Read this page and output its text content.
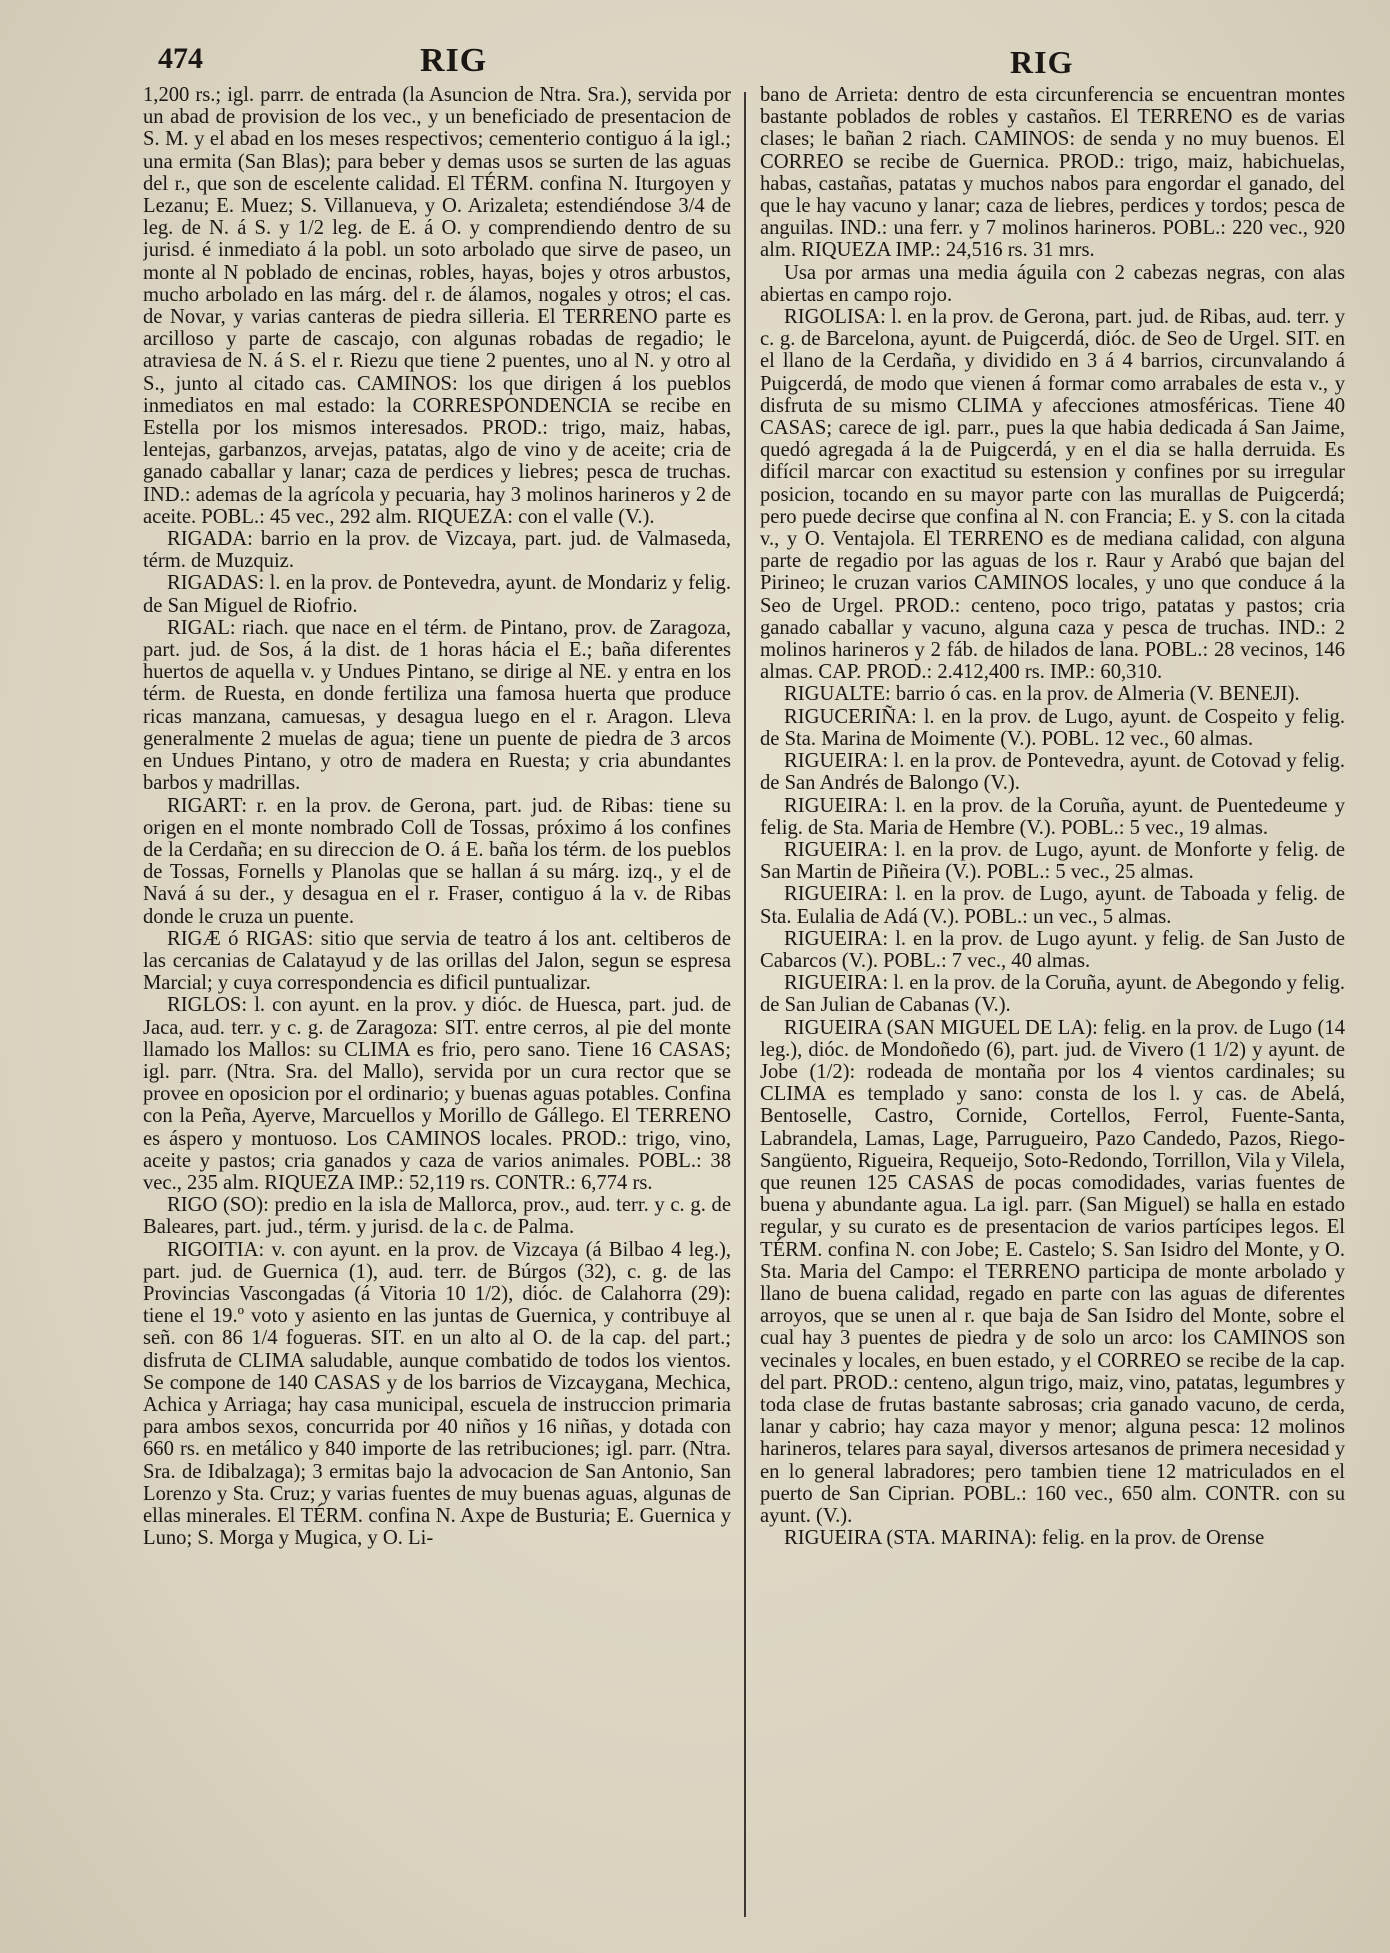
474	RIG	RIG

1,200 rs.; igl. parrr. de entrada (la Asuncion de Ntra. Sra.), servida por un abad de provision de los vec., y un beneficiado de presentacion de S. M. y el abad en los meses respectivos; cementerio contiguo á la igl.; una ermita (San Blas); para beber y demas usos se surten de las aguas del r., que son de escelente calidad. El TÉRM. confina N. Iturgoyen y Lezanu; E. Muez; S. Villanueva, y O. Arizaleta; estendiéndose 3/4 de leg. de N. á S. y 1/2 leg. de E. á O. y comprendiendo dentro de su jurisd. é inmediato á la pobl. un soto arbolado que sirve de paseo, un monte al N poblado de encinas, robles, hayas, bojes y otros arbustos, mucho arbolado en las márg. del r. de álamos, nogales y otros; el cas. de Novar, y varias canteras de piedra silleria. El TERRENO parte es arcilloso y parte de cascajo, con algunas robadas de regadio; le atraviesa de N. á S. el r. Riezu que tiene 2 puentes, uno al N. y otro al S., junto al citado cas. CAMINOS: los que dirigen á los pueblos inmediatos en mal estado: la CORRESPONDENCIA se recibe en Estella por los mismos interesados. PROD.: trigo, maiz, habas, lentejas, garbanzos, arvejas, patatas, algo de vino y de aceite; cria de ganado caballar y lanar; caza de perdices y liebres; pesca de truchas. IND.: ademas de la agrícola y pecuaria, hay 3 molinos harineros y 2 de aceite. POBL.: 45 vec., 292 alm. RIQUEZA: con el valle (V.).

RIGADA: barrio en la prov. de Vizcaya, part. jud. de Valmaseda, térm. de Muzquiz.

RIGADAS: l. en la prov. de Pontevedra, ayunt. de Mondariz y felig. de San Miguel de Riofrio.

RIGAL: riach. que nace en el térm. de Pintano, prov. de Zaragoza, part. jud. de Sos, á la dist. de 1 horas hácia el E.; baña diferentes huertos de aquella v. y Undues Pintano, se dirige al NE. y entra en los térm. de Ruesta, en donde fertiliza una famosa huerta que produce ricas manzana, camuesas, y desagua luego en el r. Aragon. Lleva generalmente 2 muelas de agua; tiene un puente de piedra de 3 arcos en Undues Pintano, y otro de madera en Ruesta; y cria abundantes barbos y madrillas.

RIGART: r. en la prov. de Gerona, part. jud. de Ribas: tiene su origen en el monte nombrado Coll de Tossas, próximo á los confines de la Cerdaña; en su direccion de O. á E. baña los térm. de los pueblos de Tossas, Fornells y Planolas que se hallan á su márg. izq., y el de Navá á su der., y desagua en el r. Fraser, contiguo á la v. de Ribas donde le cruza un puente.

RIGÆ ó RIGAS: sitio que servia de teatro á los ant. celtiberos de las cercanias de Calatayud y de las orillas del Jalon, segun se espresa Marcial; y cuya correspondencia es dificil puntualizar.

RIGLOS: l. con ayunt. en la prov. y dióc. de Huesca, part. jud. de Jaca, aud. terr. y c. g. de Zaragoza: SIT. entre cerros, al pie del monte llamado los Mallos: su CLIMA es frio, pero sano. Tiene 16 CASAS; igl. parr. (Ntra. Sra. del Mallo), servida por un cura rector que se provee en oposicion por el ordinario; y buenas aguas potables. Confina con la Peña, Ayerve, Marcuellos y Morillo de Gállego. El TERRENO es áspero y montuoso. Los CAMINOS locales. PROD.: trigo, vino, aceite y pastos; cria ganados y caza de varios animales. POBL.: 38 vec., 235 alm. RIQUEZA IMP.: 52,119 rs. CONTR.: 6,774 rs.

RIGO (SO): predio en la isla de Mallorca, prov., aud. terr. y c. g. de Baleares, part. jud., térm. y jurisd. de la c. de Palma.

RIGOITIA: v. con ayunt. en la prov. de Vizcaya (á Bilbao 4 leg.), part. jud. de Guernica (1), aud. terr. de Búrgos (32), c. g. de las Provincias Vascongadas (á Vitoria 10 1/2), dióc. de Calahorra (29): tiene el 19.º voto y asiento en las juntas de Guernica, y contribuye al señ. con 86 1/4 fogueras. SIT. en un alto al O. de la cap. del part.; disfruta de CLIMA saludable, aunque combatido de todos los vientos. Se compone de 140 CASAS y de los barrios de Vizcaygana, Mechica, Achica y Arriaga; hay casa municipal, escuela de instruccion primaria para ambos sexos, concurrida por 40 niños y 16 niñas, y dotada con 660 rs. en metálico y 840 importe de las retribuciones; igl. parr. (Ntra. Sra. de Idibalzaga); 3 ermitas bajo la advocacion de San Antonio, San Lorenzo y Sta. Cruz; y varias fuentes de muy buenas aguas, algunas de ellas minerales. El TÉRM. confina N. Axpe de Busturia; E. Guernica y Luno; S. Morga y Mugica, y O. Li-

bano de Arrieta: dentro de esta circunferencia se encuentran montes bastante poblados de robles y castaños. El TERRENO es de varias clases; le bañan 2 riach. CAMINOS: de senda y no muy buenos. El CORREO se recibe de Guernica. PROD.: trigo, maiz, habichuelas, habas, castañas, patatas y muchos nabos para engordar el ganado, del que le hay vacuno y lanar; caza de liebres, perdices y tordos; pesca de anguilas. IND.: una ferr. y 7 molinos harineros. POBL.: 220 vec., 920 alm. RIQUEZA IMP.: 24,516 rs. 31 mrs.

Usa por armas una media águila con 2 cabezas negras, con alas abiertas en campo rojo.

RIGOLISA: l. en la prov. de Gerona, part. jud. de Ribas, aud. terr. y c. g. de Barcelona, ayunt. de Puigcerdá, dióc. de Seo de Urgel. SIT. en el llano de la Cerdaña, y dividido en 3 á 4 barrios, circunvalando á Puigcerdá, de modo que vienen á formar como arrabales de esta v., y disfruta de su mismo CLIMA y afecciones atmosféricas. Tiene 40 CASAS; carece de igl. parr., pues la que habia dedicada á San Jaime, quedó agregada á la de Puigcerdá, y en el dia se halla derruida. Es difícil marcar con exactitud su estension y confines por su irregular posicion, tocando en su mayor parte con las murallas de Puigcerdá; pero puede decirse que confina al N. con Francia; E. y S. con la citada v., y O. Ventajola. El TERRENO es de mediana calidad, con alguna parte de regadio por las aguas de los r. Raur y Arabó que bajan del Pirineo; le cruzan varios CAMINOS locales, y uno que conduce á la Seo de Urgel. PROD.: centeno, poco trigo, patatas y pastos; cria ganado caballar y vacuno, alguna caza y pesca de truchas. IND.: 2 molinos harineros y 2 fáb. de hilados de lana. POBL.: 28 vecinos, 146 almas. CAP. PROD.: 2.412,400 rs. IMP.: 60,310.

RIGUALTE: barrio ó cas. en la prov. de Almeria (V. BENEJI).

RIGUCERIÑA: l. en la prov. de Lugo, ayunt. de Cospeito y felig. de Sta. Marina de Moimente (V.). POBL. 12 vec., 60 almas.

RIGUEIRA: l. en la prov. de Pontevedra, ayunt. de Cotovad y felig. de San Andrés de Balongo (V.).

RIGUEIRA: l. en la prov. de la Coruña, ayunt. de Puentedeume y felig. de Sta. Maria de Hembre (V.). POBL.: 5 vec., 19 almas.

RIGUEIRA: l. en la prov. de Lugo, ayunt. de Monforte y felig. de San Martin de Piñeira (V.). POBL.: 5 vec., 25 almas.

RIGUEIRA: l. en la prov. de Lugo, ayunt. de Taboada y felig. de Sta. Eulalia de Adá (V.). POBL.: un vec., 5 almas.

RIGUEIRA: l. en la prov. de Lugo ayunt. y felig. de San Justo de Cabarcos (V.). POBL.: 7 vec., 40 almas.

RIGUEIRA: l. en la prov. de la Coruña, ayunt. de Abegondo y felig. de San Julian de Cabanas (V.).

RIGUEIRA (SAN MIGUEL DE LA): felig. en la prov. de Lugo (14 leg.), dióc. de Mondoñedo (6), part. jud. de Vivero (1 1/2) y ayunt. de Jobe (1/2): rodeada de montaña por los 4 vientos cardinales; su CLIMA es templado y sano: consta de los l. y cas. de Abelá, Bentoselle, Castro, Cornide, Cortellos, Ferrol, Fuente-Santa, Labrandela, Lamas, Lage, Parrugueiro, Pazo Candedo, Pazos, Riego-Sangüento, Rigueira, Requeijo, Soto-Redondo, Torrillon, Vila y Vilela, que reunen 125 CASAS de pocas comodidades, varias fuentes de buena y abundante agua. La igl. parr. (San Miguel) se halla en estado regular, y su curato es de presentacion de varios partícipes legos. El TÉRM. confina N. con Jobe; E. Castelo; S. San Isidro del Monte, y O. Sta. Maria del Campo: el TERRENO participa de monte arbolado y llano de buena calidad, regado en parte con las aguas de diferentes arroyos, que se unen al r. que baja de San Isidro del Monte, sobre el cual hay 3 puentes de piedra y de solo un arco: los CAMINOS son vecinales y locales, en buen estado, y el CORREO se recibe de la cap. del part. PROD.: centeno, algun trigo, maiz, vino, patatas, legumbres y toda clase de frutas bastante sabrosas; cria ganado vacuno, de cerda, lanar y cabrio; hay caza mayor y menor; alguna pesca: 12 molinos harineros, telares para sayal, diversos artesanos de primera necesidad y en lo general labradores; pero tambien tiene 12 matriculados en el puerto de San Ciprian. POBL.: 160 vec., 650 alm. CONTR. con su ayunt. (V.).

RIGUEIRA (STA. MARINA): felig. en la prov. de Orense
